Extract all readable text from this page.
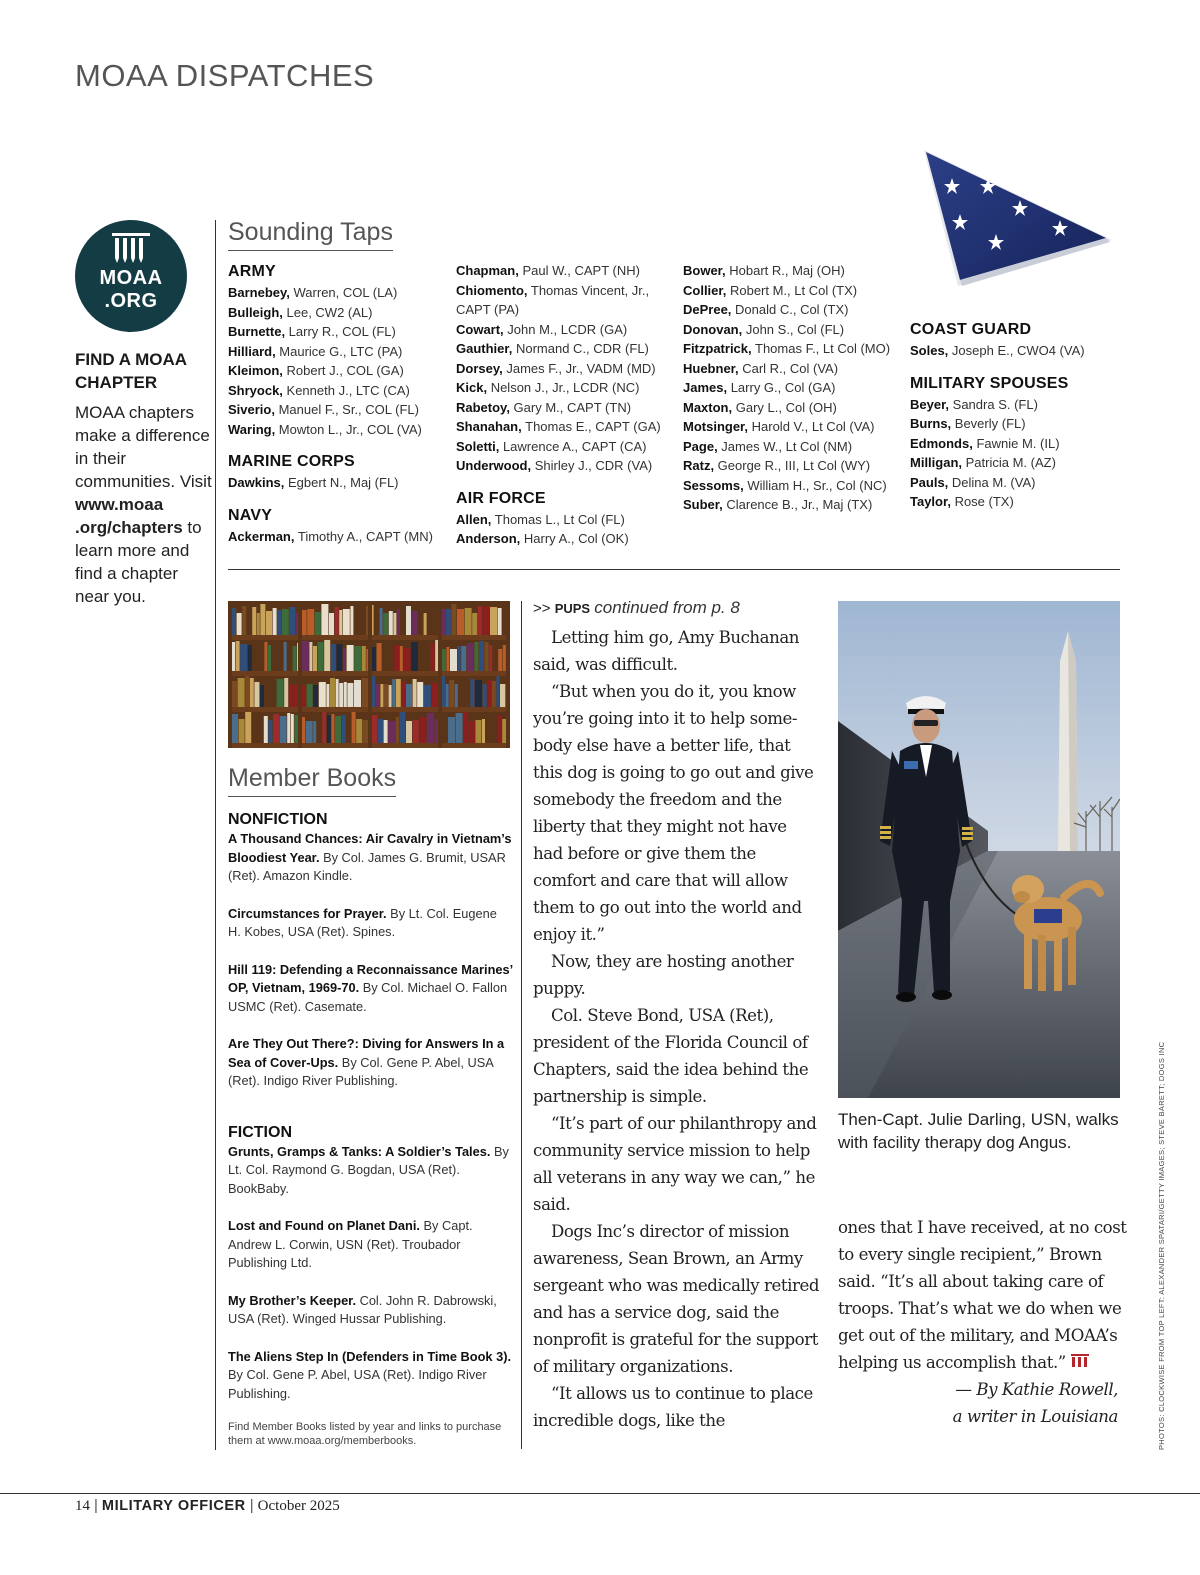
MOAA DISPATCHES
MOAA
.ORG
FIND A MOAA CHAPTER
MOAA chapters make a difference in their communities. Visit www.moaa .org/chapters to learn more and find a chapter near you.
Sounding Taps
ARMY
Barnebey, Warren, COL (LA)
Bulleigh, Lee, CW2 (AL)
Burnette, Larry R., COL (FL)
Hilliard, Maurice G., LTC (PA)
Kleimon, Robert J., COL (GA)
Shryock, Kenneth J., LTC (CA)
Siverio, Manuel F., Sr., COL (FL)
Waring, Mowton L., Jr., COL (VA)
MARINE CORPS
Dawkins, Egbert N., Maj (FL)
NAVY
Ackerman, Timothy A., CAPT (MN)
Chapman, Paul W., CAPT (NH)
Chiomento, Thomas Vincent, Jr., CAPT (PA)
Cowart, John M., LCDR (GA)
Gauthier, Normand C., CDR (FL)
Dorsey, James F., Jr., VADM (MD)
Kick, Nelson J., Jr., LCDR (NC)
Rabetoy, Gary M., CAPT (TN)
Shanahan, Thomas E., CAPT (GA)
Soletti, Lawrence A., CAPT (CA)
Underwood, Shirley J., CDR (VA)
AIR FORCE
Allen, Thomas L., Lt Col (FL)
Anderson, Harry A., Col (OK)
Bower, Hobart R., Maj (OH)
Collier, Robert M., Lt Col (TX)
DePree, Donald C., Col (TX)
Donovan, John S., Col (FL)
Fitzpatrick, Thomas F., Lt Col (MO)
Huebner, Carl R., Col (VA)
James, Larry G., Col (GA)
Maxton, Gary L., Col (OH)
Motsinger, Harold V., Lt Col (VA)
Page, James W., Lt Col (NM)
Ratz, George R., III, Lt Col (WY)
Sessoms, William H., Sr., Col (NC)
Suber, Clarence B., Jr., Maj (TX)
COAST GUARD
Soles, Joseph E., CWO4 (VA)
MILITARY SPOUSES
Beyer, Sandra S. (FL)
Burns, Beverly (FL)
Edmonds, Fawnie M. (IL)
Milligan, Patricia M. (AZ)
Pauls, Delina M. (VA)
Taylor, Rose (TX)
Member Books
NONFICTION
A Thousand Chances: Air Cavalry in Vietnam’s Bloodiest Year. By Col. James G. Brumit, USAR (Ret). Amazon Kindle.
Circumstances for Prayer. By Lt. Col. Eugene H. Kobes, USA (Ret). Spines.
Hill 119: Defending a Reconnaissance Marines’ OP, Vietnam, 1969-70. By Col. Michael O. Fallon USMC (Ret). Casemate.
Are They Out There?: Diving for Answers In a Sea of Cover-Ups. By Col. Gene P. Abel, USA (Ret). Indigo River Publishing.
FICTION
Grunts, Gramps & Tanks: A Soldier’s Tales. By Lt. Col. Raymond G. Bogdan, USA (Ret). BookBaby.
Lost and Found on Planet Dani. By Capt. Andrew L. Corwin, USN (Ret). Troubador Publishing Ltd.
My Brother’s Keeper. Col. John R. Dabrowski, USA (Ret). Winged Hussar Publishing.
The Aliens Step In (Defenders in Time Book 3). By Col. Gene P. Abel, USA (Ret). Indigo River Publishing.
Find Member Books listed by year and links to purchase them at www.moaa.org/memberbooks.
>> PUPS continued from p. 8

Letting him go, Amy Buchanan said, was difficult.

“But when you do it, you know you’re going into it to help somebody else have a better life, that this dog is going to go out and give somebody the freedom and the liberty that they might not have had before or give them the comfort and care that will allow them to go out into the world and enjoy it.”

Now, they are hosting another puppy.

Col. Steve Bond, USA (Ret), president of the Florida Council of Chapters, said the idea behind the partnership is simple.

“It’s part of our philanthropy and community service mission to help all veterans in any way we can,” he said.

Dogs Inc’s director of mission awareness, Sean Brown, an Army sergeant who was medically retired and has a service dog, said the nonprofit is grateful for the support of military organizations.

“It allows us to continue to place incredible dogs, like the

Then-Capt. Julie Darling, USN, walks with facility therapy dog Angus.

ones that I have received, at no cost to every single recipient,” Brown said. “It’s all about taking care of troops. That’s what we do when we get out of the military, and MOAA’s helping us accomplish that.”

— By Kathie Rowell,

a writer in Louisiana	PHOTOS: CLOCKWISE FROM TOP LEFT: ALEXANDER SPATARI/GETTY IMAGES; STEVE BARETT; DOGS INC
14 | MILITARY OFFICER | October 2025
